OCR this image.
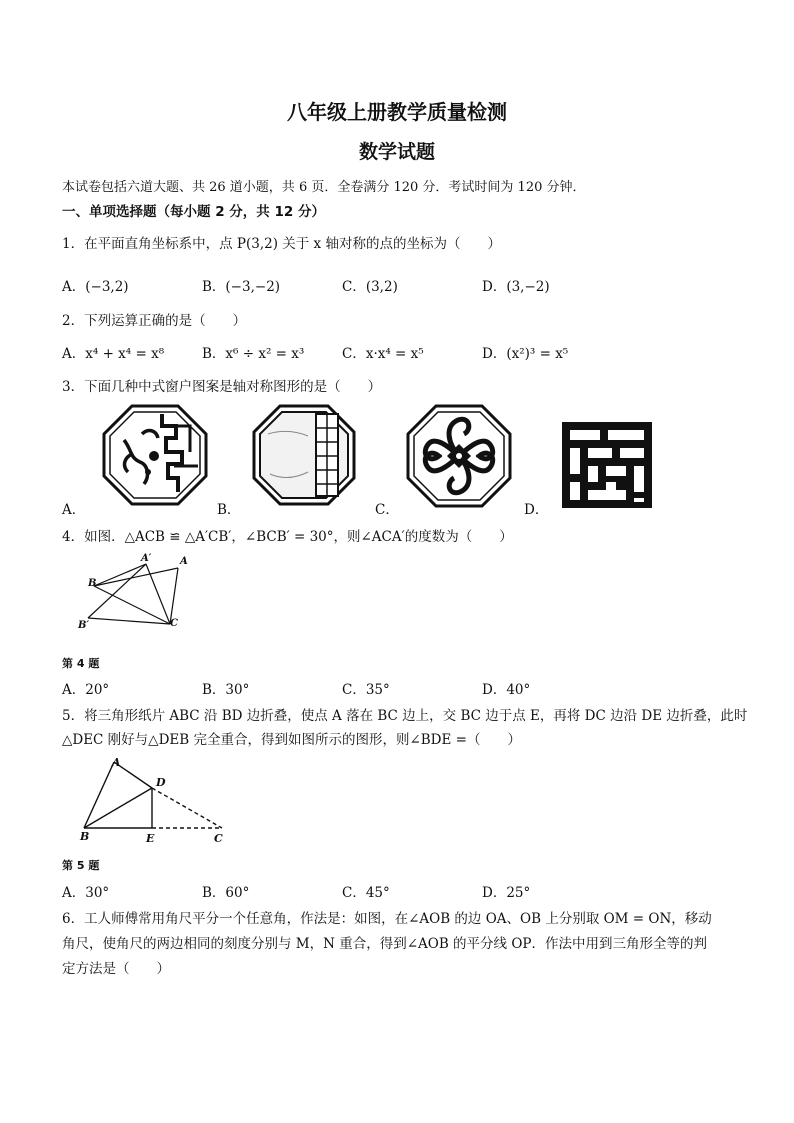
八年级上册教学质量检测
数学试题
本试卷包括六道大题、共 26 道小题，共 6 页．全卷满分 120 分．考试时间为 120 分钟．
一、单项选择题（每小题 2 分，共 12 分）
1．在平面直角坐标系中，点 P(3,2) 关于 x 轴对称的点的坐标为（　　）
A．(−3,2)	B．(−3,−2)	C．(3,2)	D．(3,−2)
2．下列运算正确的是（　　）
A．x⁴ + x⁴ = x⁸	B．x⁶ ÷ x² = x³	C．x·x⁴ = x⁵	D．(x²)³ = x⁵
3．下面几种中式窗户图案是轴对称图形的是（　　）
A．	B．	C．	D．
4．如图．△ACB ≌ △A′CB′，∠BCB′ = 30°，则∠ACA′的度数为（　　）
A′	A
B
B′	C
第 4 题
A．20°	B．30°	C．35°	D．40°
5．将三角形纸片 ABC 沿 BD 边折叠，使点 A 落在 BC 边上，交 BC 边于点 E，再将 DC 边沿 DE 边折叠，此时
△DEC 刚好与△DEB 完全重合，得到如图所示的图形，则∠BDE =（　　）
A
D
B	E	C
第 5 题
A．30°	B．60°	C．45°	D．25°
6．工人师傅常用角尺平分一个任意角，作法是：如图，在∠AOB 的边 OA、OB 上分别取 OM = ON，移动
角尺，使角尺的两边相同的刻度分别与 M，N 重合，得到∠AOB 的平分线 OP．作法中用到三角形全等的判
定方法是（　　）
